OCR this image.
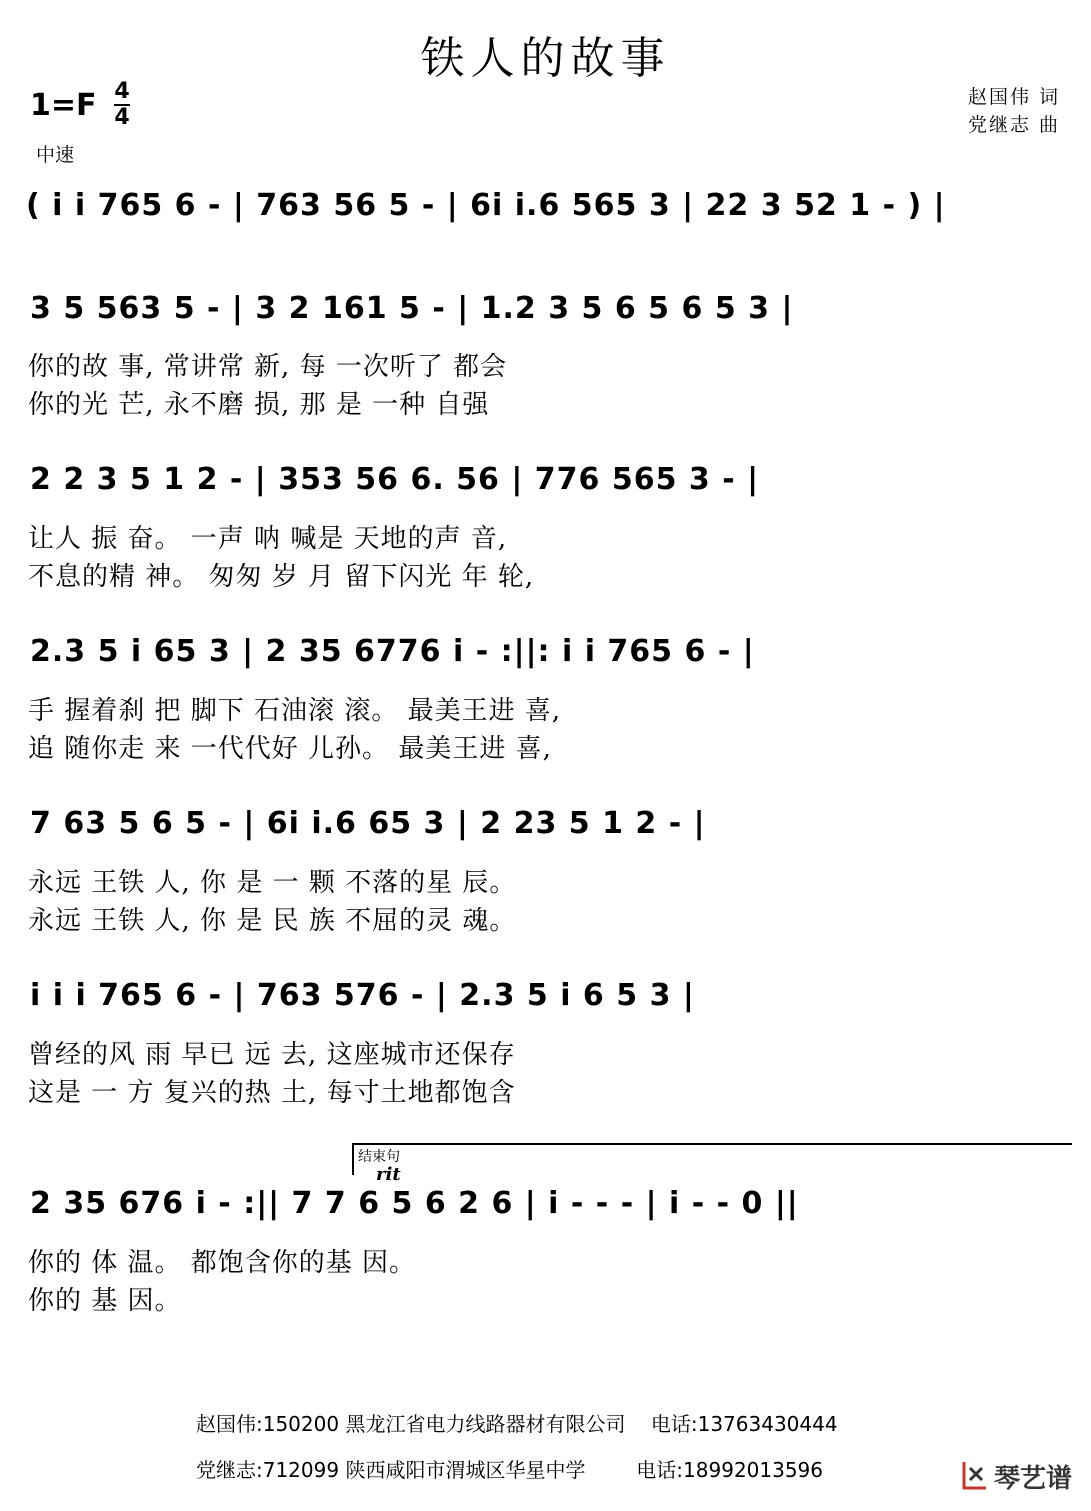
铁人的故事
1=F 4
4
中速
赵国伟 词
党继志 曲
( i i 765 6 - | 763 56 5 - | 6i i.6 565 3 | 22 3 52 1 - ) |
3 5 563 5 - | 3 2 161 5 - | 1.2 3 5 6 5 6 5 3 |
你的故 事, 常讲常 新, 每 一次听了 都会
你的光 芒, 永不磨 损, 那 是 一种 自强
2 2 3 5 1 2 - | 353 56 6. 56 | 776 565 3 - |
让人 振 奋。 一声 呐 喊是 天地的声 音,
不息的精 神。 匆匆 岁 月 留下闪光 年 轮,
2.3 5 i 65 3 | 2 35 6776 i - :||: i i 765 6 - |
手 握着刹 把 脚下 石油滚 滚。 最美王进 喜,
追 随你走 来 一代代好 儿孙。 最美王进 喜,
7 63 5 6 5 - | 6i i.6 65 3 | 2 23 5 1 2 - |
永远 王铁 人, 你 是 一 颗 不落的星 辰。
永远 王铁 人, 你 是 民 族 不屈的灵 魂。
i i i 765 6 - | 763 576 - | 2.3 5 i 6 5 3 |
曾经的风 雨 早已 远 去, 这座城市还保存
这是 一 方 复兴的热 土, 每寸土地都饱含
结束句
rit
2 35 676 i - :|| 7 7 6 5 6 2 6 | i - - - | i - - 0 ||
你的 体 温。 都饱含你的基 因。
你的 基 因。
赵国伟:150200 黑龙江省电力线路器材有限公司    电话:13763430444
党继志:712099 陕西咸阳市渭城区华星中学        电话:18992013596	琴艺谱
